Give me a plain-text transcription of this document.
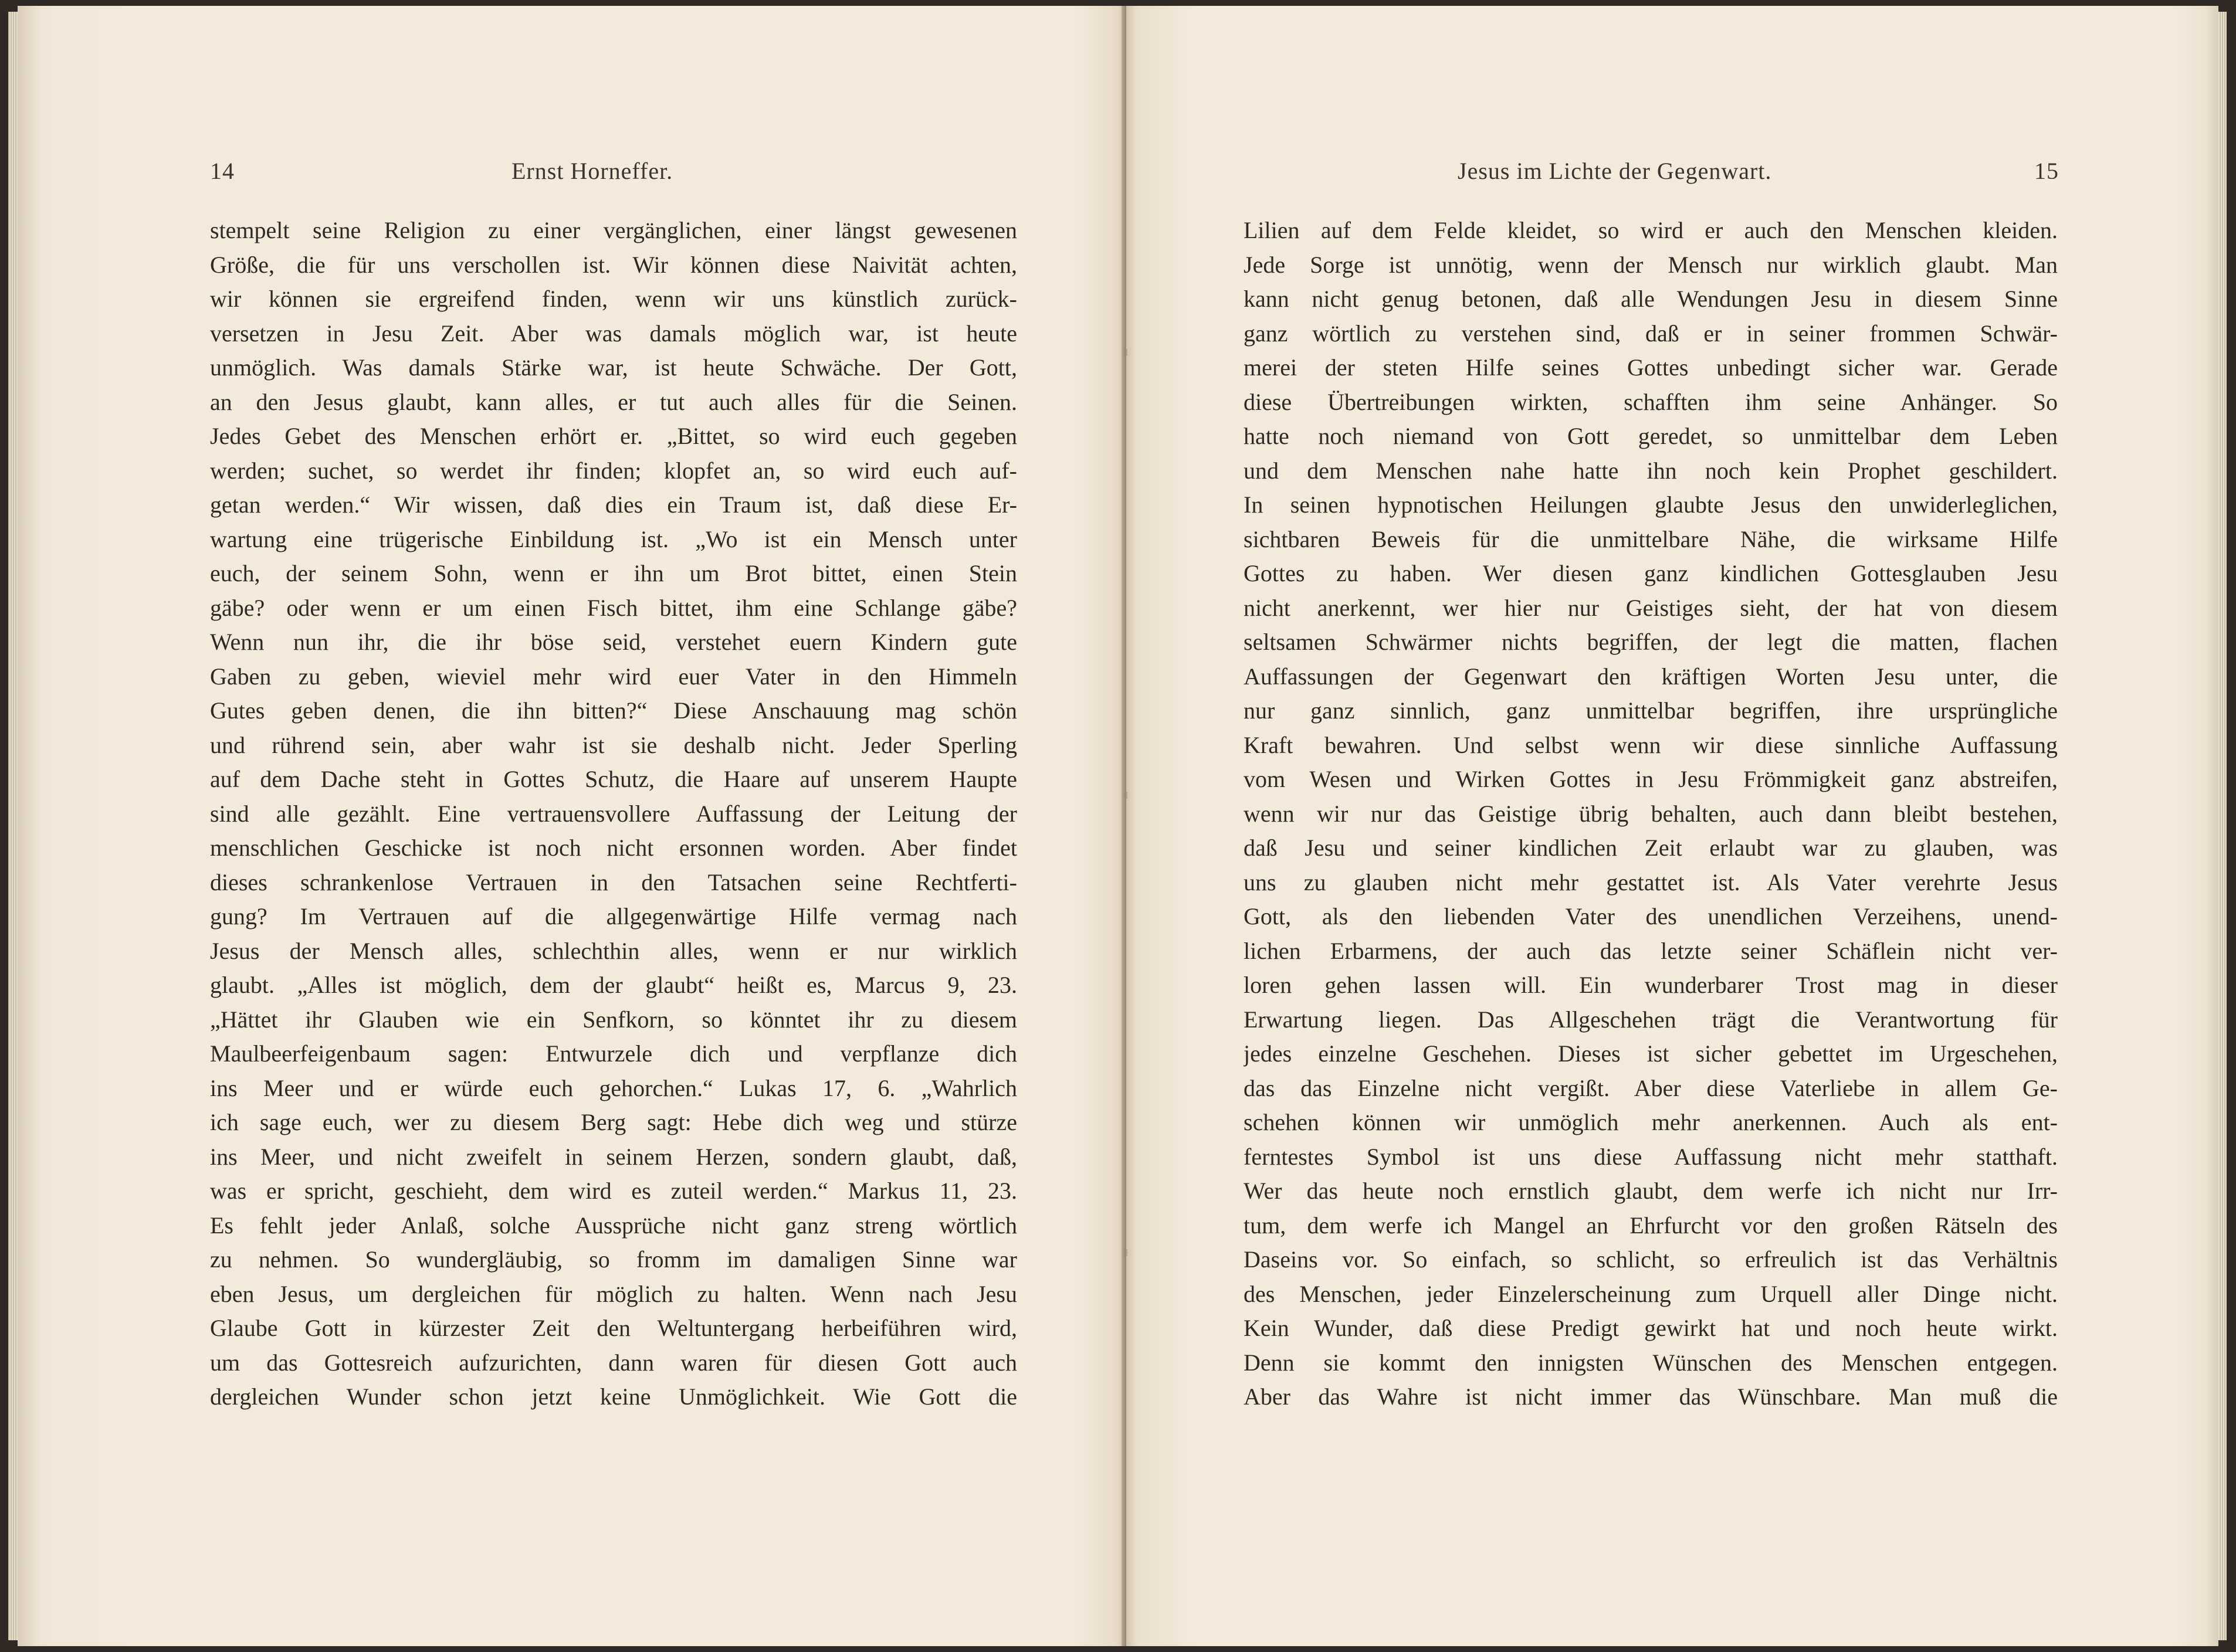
14	Ernst Horneffer.
stempelt seine Religion zu einer vergänglichen, einer längst gewesenen
Größe, die für uns verschollen ist. Wir können diese Naivität achten,
wir können sie ergreifend finden, wenn wir uns künstlich zurück-
versetzen in Jesu Zeit. Aber was damals möglich war, ist heute
unmöglich. Was damals Stärke war, ist heute Schwäche. Der Gott,
an den Jesus glaubt, kann alles, er tut auch alles für die Seinen.
Jedes Gebet des Menschen erhört er. „Bittet, so wird euch gegeben
werden; suchet, so werdet ihr finden; klopfet an, so wird euch auf-
getan werden.“ Wir wissen, daß dies ein Traum ist, daß diese Er-
wartung eine trügerische Einbildung ist. „Wo ist ein Mensch unter
euch, der seinem Sohn, wenn er ihn um Brot bittet, einen Stein
gäbe? oder wenn er um einen Fisch bittet, ihm eine Schlange gäbe?
Wenn nun ihr, die ihr böse seid, verstehet euern Kindern gute
Gaben zu geben, wieviel mehr wird euer Vater in den Himmeln
Gutes geben denen, die ihn bitten?“ Diese Anschauung mag schön
und rührend sein, aber wahr ist sie deshalb nicht. Jeder Sperling
auf dem Dache steht in Gottes Schutz, die Haare auf unserem Haupte
sind alle gezählt. Eine vertrauensvollere Auffassung der Leitung der
menschlichen Geschicke ist noch nicht ersonnen worden. Aber findet
dieses schrankenlose Vertrauen in den Tatsachen seine Rechtferti-
gung? Im Vertrauen auf die allgegenwärtige Hilfe vermag nach
Jesus der Mensch alles, schlechthin alles, wenn er nur wirklich
glaubt. „Alles ist möglich, dem der glaubt“ heißt es, Marcus 9, 23.
„Hättet ihr Glauben wie ein Senfkorn, so könntet ihr zu diesem
Maulbeerfeigenbaum sagen: Entwurzele dich und verpflanze dich
ins Meer und er würde euch gehorchen.“ Lukas 17, 6. „Wahrlich
ich sage euch, wer zu diesem Berg sagt: Hebe dich weg und stürze
ins Meer, und nicht zweifelt in seinem Herzen, sondern glaubt, daß,
was er spricht, geschieht, dem wird es zuteil werden.“ Markus 11, 23.
Es fehlt jeder Anlaß, solche Aussprüche nicht ganz streng wörtlich
zu nehmen. So wundergläubig, so fromm im damaligen Sinne war
eben Jesus, um dergleichen für möglich zu halten. Wenn nach Jesu
Glaube Gott in kürzester Zeit den Weltuntergang herbeiführen wird,
um das Gottesreich aufzurichten, dann waren für diesen Gott auch
dergleichen Wunder schon jetzt keine Unmöglichkeit. Wie Gott die
Jesus im Lichte der Gegenwart.	15
Lilien auf dem Felde kleidet, so wird er auch den Menschen kleiden.
Jede Sorge ist unnötig, wenn der Mensch nur wirklich glaubt. Man
kann nicht genug betonen, daß alle Wendungen Jesu in diesem Sinne
ganz wörtlich zu verstehen sind, daß er in seiner frommen Schwär-
merei der steten Hilfe seines Gottes unbedingt sicher war. Gerade
diese Übertreibungen wirkten, schafften ihm seine Anhänger. So
hatte noch niemand von Gott geredet, so unmittelbar dem Leben
und dem Menschen nahe hatte ihn noch kein Prophet geschildert.
In seinen hypnotischen Heilungen glaubte Jesus den unwiderleglichen,
sichtbaren Beweis für die unmittelbare Nähe, die wirksame Hilfe
Gottes zu haben. Wer diesen ganz kindlichen Gottesglauben Jesu
nicht anerkennt, wer hier nur Geistiges sieht, der hat von diesem
seltsamen Schwärmer nichts begriffen, der legt die matten, flachen
Auffassungen der Gegenwart den kräftigen Worten Jesu unter, die
nur ganz sinnlich, ganz unmittelbar begriffen, ihre ursprüngliche
Kraft bewahren. Und selbst wenn wir diese sinnliche Auffassung
vom Wesen und Wirken Gottes in Jesu Frömmigkeit ganz abstreifen,
wenn wir nur das Geistige übrig behalten, auch dann bleibt bestehen,
daß Jesu und seiner kindlichen Zeit erlaubt war zu glauben, was
uns zu glauben nicht mehr gestattet ist. Als Vater verehrte Jesus
Gott, als den liebenden Vater des unendlichen Verzeihens, unend-
lichen Erbarmens, der auch das letzte seiner Schäflein nicht ver-
loren gehen lassen will. Ein wunderbarer Trost mag in dieser
Erwartung liegen. Das Allgeschehen trägt die Verantwortung für
jedes einzelne Geschehen. Dieses ist sicher gebettet im Urgeschehen,
das das Einzelne nicht vergißt. Aber diese Vaterliebe in allem Ge-
schehen können wir unmöglich mehr anerkennen. Auch als ent-
ferntestes Symbol ist uns diese Auffassung nicht mehr statthaft.
Wer das heute noch ernstlich glaubt, dem werfe ich nicht nur Irr-
tum, dem werfe ich Mangel an Ehrfurcht vor den großen Rätseln des
Daseins vor. So einfach, so schlicht, so erfreulich ist das Verhältnis
des Menschen, jeder Einzelerscheinung zum Urquell aller Dinge nicht.
Kein Wunder, daß diese Predigt gewirkt hat und noch heute wirkt.
Denn sie kommt den innigsten Wünschen des Menschen entgegen.
Aber das Wahre ist nicht immer das Wünschbare. Man muß die
